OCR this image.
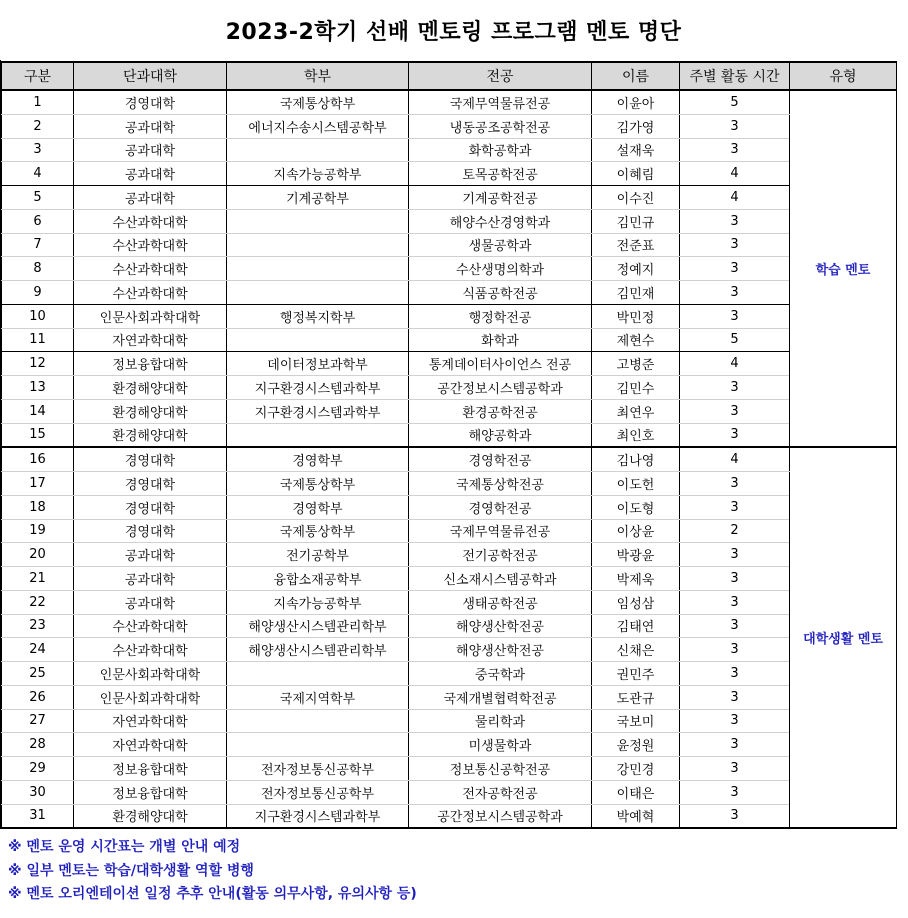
2023-2학기 선배 멘토링 프로그램 멘토 명단
구분	단과대학	학부	전공	이름	주별 활동 시간	유형
1	경영대학	국제통상학부	국제무역물류전공	이윤아	5	학습 멘토
2	공과대학	에너지수송시스템공학부	냉동공조공학전공	김가영	3	
3	공과대학		화학공학과	설재욱	3	
4	공과대학	지속가능공학부	토목공학전공	이혜림	4	
5	공과대학	기계공학부	기계공학전공	이수진	4	
6	수산과학대학		해양수산경영학과	김민규	3	
7	수산과학대학		생물공학과	전준표	3	
8	수산과학대학		수산생명의학과	정예지	3	
9	수산과학대학		식품공학전공	김민재	3	
10	인문사회과학대학	행정복지학부	행정학전공	박민정	3	
11	자연과학대학		화학과	제현수	5	
12	정보융합대학	데이터정보과학부	통계데이터사이언스 전공	고병준	4	
13	환경해양대학	지구환경시스템과학부	공간정보시스템공학과	김민수	3	
14	환경해양대학	지구환경시스템과학부	환경공학전공	최연우	3	
15	환경해양대학		해양공학과	최인호	3	
16	경영대학	경영학부	경영학전공	김나영	4	대학생활 멘토
17	경영대학	국제통상학부	국제통상학전공	이도헌	3	
18	경영대학	경영학부	경영학전공	이도형	3	
19	경영대학	국제통상학부	국제무역물류전공	이상윤	2	
20	공과대학	전기공학부	전기공학전공	박광윤	3	
21	공과대학	융합소재공학부	신소재시스템공학과	박제욱	3	
22	공과대학	지속가능공학부	생태공학전공	임성삼	3	
23	수산과학대학	해양생산시스템관리학부	해양생산학전공	김태연	3	
24	수산과학대학	해양생산시스템관리학부	해양생산학전공	신채은	3	
25	인문사회과학대학		중국학과	권민주	3	
26	인문사회과학대학	국제지역학부	국제개별협력학전공	도관규	3	
27	자연과학대학		물리학과	국보미	3	
28	자연과학대학		미생물학과	윤정원	3	
29	정보융합대학	전자정보통신공학부	정보통신공학전공	강민경	3	
30	정보융합대학	전자정보통신공학부	전자공학전공	이태은	3	
31	환경해양대학	지구환경시스템과학부	공간정보시스템공학과	박예혁	3	
※ 멘토 운영 시간표는 개별 안내 예정
※ 일부 멘토는 학습/대학생활 역할 병행
※ 멘토 오리엔테이션 일정 추후 안내(활동 의무사항, 유의사항 등)
